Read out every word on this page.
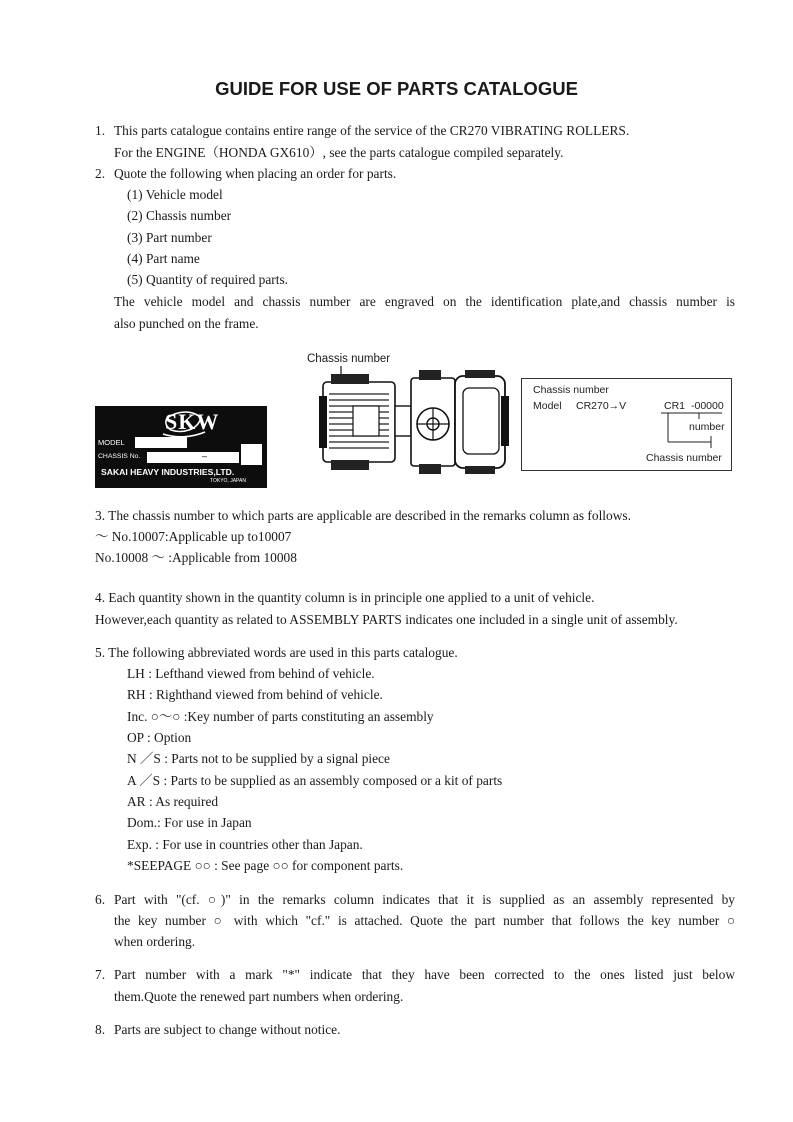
GUIDE FOR USE OF PARTS CATALOGUE
1. This parts catalogue contains entire range of the service of the CR270 VIBRATING ROLLERS.
For the ENGINE（HONDA GX610）, see the parts catalogue compiled separately.
2. Quote the following when placing an order for parts.
(1) Vehicle model
(2) Chassis number
(3) Part number
(4) Part name
(5) Quantity of required parts.
The vehicle model and chassis number are engraved on the identification plate,and chassis number is
also punched on the frame.
Chassis number
SKW
MODEL
CHASSIS No.	–
SAKAI HEAVY INDUSTRIES,LTD.
TOKYO, JAPAN
Chassis number
Model CR270→V	CR1 -00000
number
Chassis number
3. The chassis number to which parts are applicable are described in the remarks column as follows.
～ No.10007:Applicable up to10007
No.10008 ～ :Applicable from 10008
4. Each quantity shown in the quantity column is in principle one applied to a unit of vehicle.
However,each quantity as related to ASSEMBLY PARTS indicates one included in a single unit of assembly.
5. The following abbreviated words are used in this parts catalogue.
LH : Lefthand viewed from behind of vehicle.
RH : Righthand viewed from behind of vehicle.
Inc. ○～○ :Key number of parts constituting an assembly
OP : Option
N ／S : Parts not to be supplied by a signal piece
A ／S : Parts to be supplied as an assembly composed or a kit of parts
AR : As required
Dom.: For use in Japan
Exp. : For use in countries other than Japan.
*SEEPAGE ○○ : See page ○○ for component parts.
6. Part with "(cf. ○)" in the remarks column indicates that it is supplied as an assembly represented by
the key number ○ with which "cf." is attached. Quote the part number that follows the key number ○
when ordering.
7. Part number with a mark "*" indicate that they have been corrected to the ones listed just below
them.Quote the renewed part numbers when ordering.
8. Parts are subject to change without notice.
